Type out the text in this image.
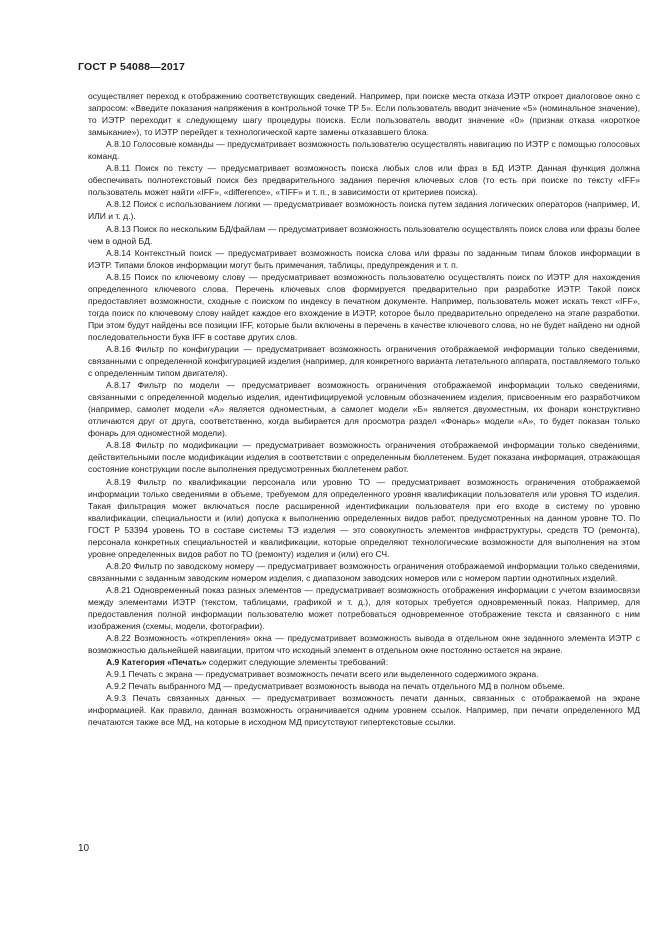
ГОСТ Р 54088—2017

осуществляет переход к отображению соответствующих сведений. Например, при поиске места отказа ИЭТР откроет диалоговое окно с запросом: «Введите показания напряжения в контрольной точке ТР 5». Если пользователь вводит значение «5» (номинальное значение), то ИЭТР переходит к следующему шагу процедуры поиска. Если пользователь вводит значение «0» (признак отказа «короткое замыкание»), то ИЭТР перейдет к технологической карте замены отказавшего блока.

А.8.10 Голосовые команды — предусматривает возможность пользователю осуществлять навигацию по ИЭТР с помощью голосовых команд.

А.8.11 Поиск по тексту — предусматривает возможность поиска любых слов или фраз в БД ИЭТР. Данная функция должна обеспечивать полнотекстовый поиск без предварительного задания перечня ключевых слов (то есть при поиске по тексту «IFF» пользователь может найти «IFF», «difference», «TIFF» и т. п., в зависимости от критериев поиска).

А.8.12 Поиск с использованием логики — предусматривает возможность поиска путем задания логических операторов (например, И, ИЛИ и т. д.).

А.8.13 Поиск по нескольким БД/файлам — предусматривает возможность пользователю осуществлять поиск слова или фразы более чем в одной БД.

А.8.14 Контекстный поиск — предусматривает возможность поиска слова или фразы по заданным типам блоков информации в ИЭТР. Типами блоков информации могут быть примечания, таблицы, предупреждения и т. п.

А.8.15 Поиск по ключевому слову — предусматривает возможность пользователю осуществлять поиск по ИЭТР для нахождения определенного ключевого слова. Перечень ключевых слов формируется предварительно при разработке ИЭТР. Такой поиск предоставляет возможности, сходные с поиском по индексу в печатном документе. Например, пользователь может искать текст «IFF», тогда поиск по ключевому слову найдет каждое его вхождение в ИЭТР, которое было предварительно определено на этапе разработки. При этом будут найдены все позиции IFF, которые были включены в перечень в качестве ключевого слова, но не будет найдено ни одной последовательности букв IFF в составе других слов.

А.8.16 Фильтр по конфигурации — предусматривает возможность ограничения отображаемой информации только сведениями, связанными с определенной конфигурацией изделия (например, для конкретного варианта летательного аппарата, поставляемого только с определенным типом двигателя).

А.8.17 Фильтр по модели — предусматривает возможность ограничения отображаемой информации только сведениями, связанными с определенной моделью изделия, идентифицируемой условным обозначением изделия, присвоенным его разработчиком (например, самолет модели «А» является одноместным, а самолет модели «Б» является двухместным, их фонари конструктивно отличаются друг от друга, соответственно, когда выбирается для просмотра раздел «Фонарь» модели «А», то будет показан только фонарь для одноместной модели).

А.8.18 Фильтр по модификации — предусматривает возможность ограничения отображаемой информации только сведениями, действительными после модификации изделия в соответствии с определенным бюллетенем. Будет показана информация, отражающая состояние конструкции после выполнения предусмотренных бюллетенем работ.

А.8.19 Фильтр по квалификации персонала или уровню ТО — предусматривает возможность ограничения отображаемой информации только сведениями в объеме, требуемом для определенного уровня квалификации пользователя или уровня ТО изделия. Такая фильтрация может включаться после расширенной идентификации пользователя при его входе в систему по уровню квалификации, специальности и (или) допуска к выполнению определенных видов работ, предусмотренных на данном уровне ТО. По ГОСТ Р 53394 уровень ТО в составе системы ТЭ изделия — это совокупность элементов инфраструктуры, средств ТО (ремонта), персонала конкретных специальностей и квалификации, которые определяют технологические возможности для выполнения на этом уровне определенных видов работ по ТО (ремонту) изделия и (или) его СЧ.

А.8.20 Фильтр по заводскому номеру — предусматривает возможность ограничения отображаемой информации только сведениями, связанными с заданным заводским номером изделия, с диапазоном заводских номеров или с номером партии однотипных изделий.

А.8.21 Одновременный показ разных элементов — предусматривает возможность отображения информации с учетом взаимосвязи между элементами ИЭТР (текстом, таблицами, графикой и т. д.), для которых требуется одновременный показ. Например, для предоставления полной информации пользователю может потребоваться одновременное отображение текста и связанного с ним изображения (схемы, модели, фотографии).

А.8.22 Возможность «открепления» окна — предусматривает возможность вывода в отдельном окне заданного элемента ИЭТР с возможностью дальнейшей навигации, притом что исходный элемент в отдельном окне постоянно остается на экране.

А.9 Категория «Печать» содержит следующие элементы требований:

А.9.1 Печать с экрана — предусматривает возможность печати всего или выделенного содержимого экрана.

А.9.2 Печать выбранного МД — предусматривает возможность вывода на печать отдельного МД в полном объеме.

А.9.3 Печать связанных данных — предусматривает возможность печати данных, связанных с отображаемой на экране информацией. Как правило, данная возможность ограничивается одним уровнем ссылок. Например, при печати определенного МД печатаются также все МД, на которые в исходном МД присутствуют гипертекстовые ссылки.

10
